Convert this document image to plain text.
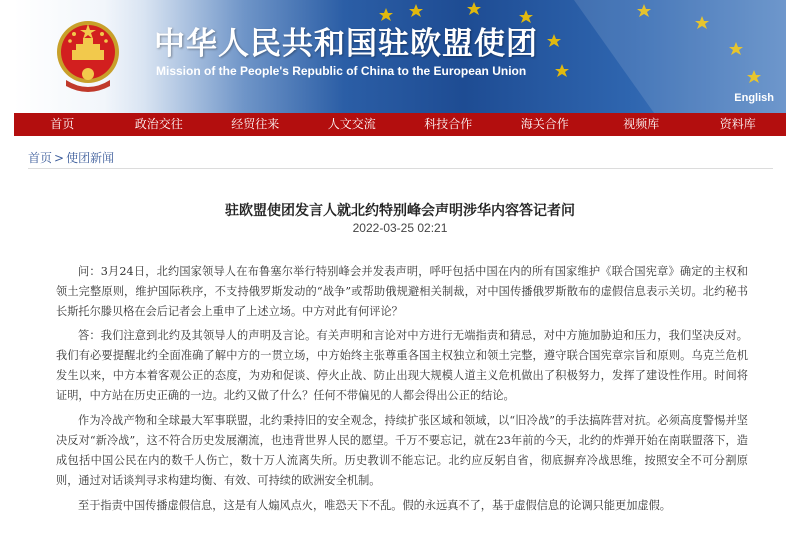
中华人民共和国驻欧盟使团
Mission of the People's Republic of China to the European Union
English
首页	政治交往	经贸往来	人文交流	科技合作	海关合作	视频库	资料库
首页 > 使团新闻
驻欧盟使团发言人就北约特别峰会声明涉华内容答记者问
2022-03-25 02:21

问：3月24日，北约国家领导人在布鲁塞尔举行特别峰会并发表声明，呼吁包括中国在内的所有国家维护《联合国宪章》确定的主权和领土完整原则，维护国际秩序，不支持俄罗斯发动的“战争”或帮助俄规避相关制裁，对中国传播俄罗斯散布的虚假信息表示关切。北约秘书长斯托尔滕贝格在会后记者会上重申了上述立场。中方对此有何评论？

答：我们注意到北约及其领导人的声明及言论。有关声明和言论对中方进行无端指责和猜忌，对中方施加胁迫和压力，我们坚决反对。我们有必要提醒北约全面准确了解中方的一贯立场，中方始终主张尊重各国主权独立和领土完整，遵守联合国宪章宗旨和原则。乌克兰危机发生以来，中方本着客观公正的态度，为劝和促谈、停火止战、防止出现大规模人道主义危机做出了积极努力，发挥了建设性作用。时间将证明，中方站在历史正确的一边。北约又做了什么？任何不带偏见的人都会得出公正的结论。

作为冷战产物和全球最大军事联盟，北约秉持旧的安全观念，持续扩张区域和领域，以“旧冷战”的手法搞阵营对抗。必须高度警惕并坚决反对“新冷战”，这不符合历史发展潮流，也违背世界人民的愿望。千万不要忘记，就在23年前的今天，北约的炸弹开始在南联盟落下，造成包括中国公民在内的数千人伤亡，数十万人流离失所。历史教训不能忘记。北约应反躬自省，彻底摒弃冷战思维，按照安全不可分割原则，通过对话谈判寻求构建均衡、有效、可持续的欧洲安全机制。

至于指责中国传播虚假信息，这是有人煽风点火，唯恐天下不乱。假的永远真不了，基于虚假信息的论调只能更加虚假。
